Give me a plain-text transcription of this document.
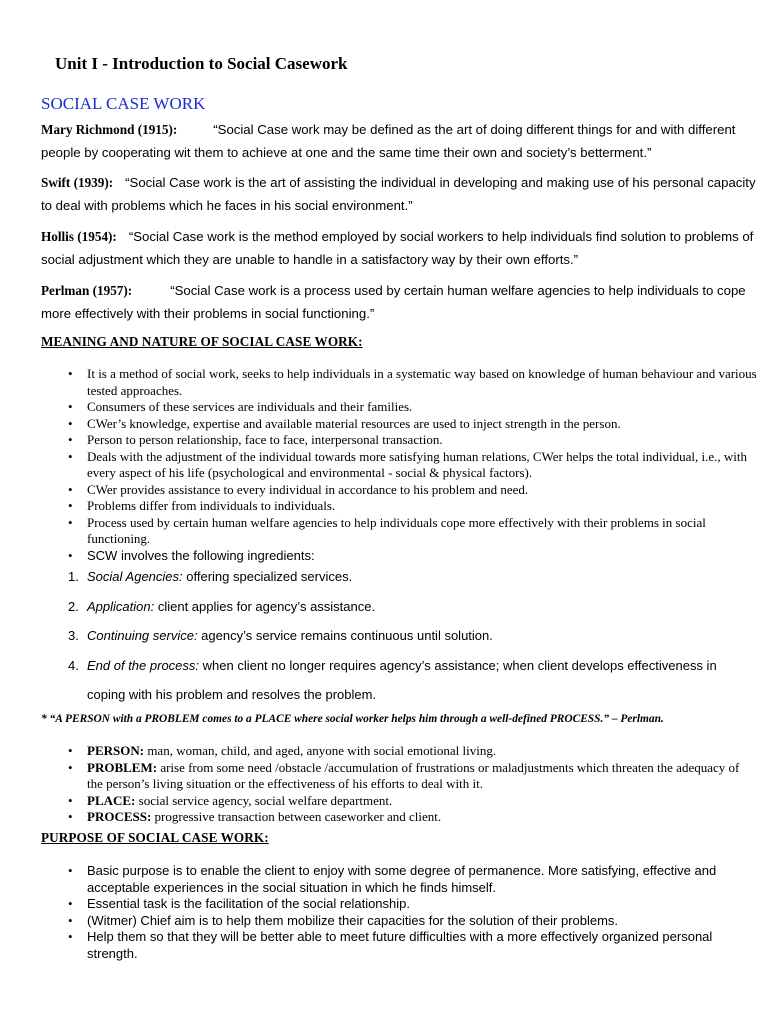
Unit I - Introduction to Social Casework
SOCIAL CASE WORK
Mary Richmond (1915):	“Social Case work may be defined as the art of doing different things for and with different people by cooperating wit them to achieve at one and the same time their own and society’s betterment.”
Swift (1939): “Social Case work is the art of assisting the individual in developing and making use of his personal capacity to deal with problems which he faces in his social environment.”
Hollis (1954): “Social Case work is the method employed by social workers to help individuals find solution to problems of social adjustment which they are unable to handle in a satisfactory way by their own efforts.”
Perlman (1957):	“Social Case work is a process used by certain human welfare agencies to help individuals to cope more effectively with their problems in social functioning.”
MEANING AND NATURE OF SOCIAL CASE WORK:
• It is a method of social work, seeks to help individuals in a systematic way based on knowledge of human behaviour and various tested approaches.
• Consumers of these services are individuals and their families.
• CWer’s knowledge, expertise and available material resources are used to inject strength in the person.
• Person to person relationship, face to face, interpersonal transaction.
• Deals with the adjustment of the individual towards more satisfying human relations, CWer helps the total individual, i.e., with every aspect of his life (psychological and environmental - social & physical factors).
• CWer provides assistance to every individual in accordance to his problem and need.
• Problems differ from individuals to individuals.
• Process used by certain human welfare agencies to help individuals cope more effectively with their problems in social functioning.
• SCW involves the following ingredients:
1. Social Agencies: offering specialized services.
2. Application: client applies for agency’s assistance.
3. Continuing service: agency’s service remains continuous until solution.
4. End of the process: when client no longer requires agency’s assistance; when client develops effectiveness in coping with his problem and resolves the problem.
* “A PERSON with a PROBLEM comes to a PLACE where social worker helps him through a well-defined PROCESS.” – Perlman.
• PERSON: man, woman, child, and aged, anyone with social emotional living.
• PROBLEM: arise from some need /obstacle /accumulation of frustrations or maladjustments which threaten the adequacy of the person’s living situation or the effectiveness of his efforts to deal with it.
• PLACE: social service agency, social welfare department.
• PROCESS: progressive transaction between caseworker and client.
PURPOSE OF SOCIAL CASE WORK:
• Basic purpose is to enable the client to enjoy with some degree of permanence. More satisfying, effective and acceptable experiences in the social situation in which he finds himself.
• Essential task is the facilitation of the social relationship.
• (Witmer) Chief aim is to help them mobilize their capacities for the solution of their problems.
• Help them so that they will be better able to meet future difficulties with a more effectively organized personal strength.
